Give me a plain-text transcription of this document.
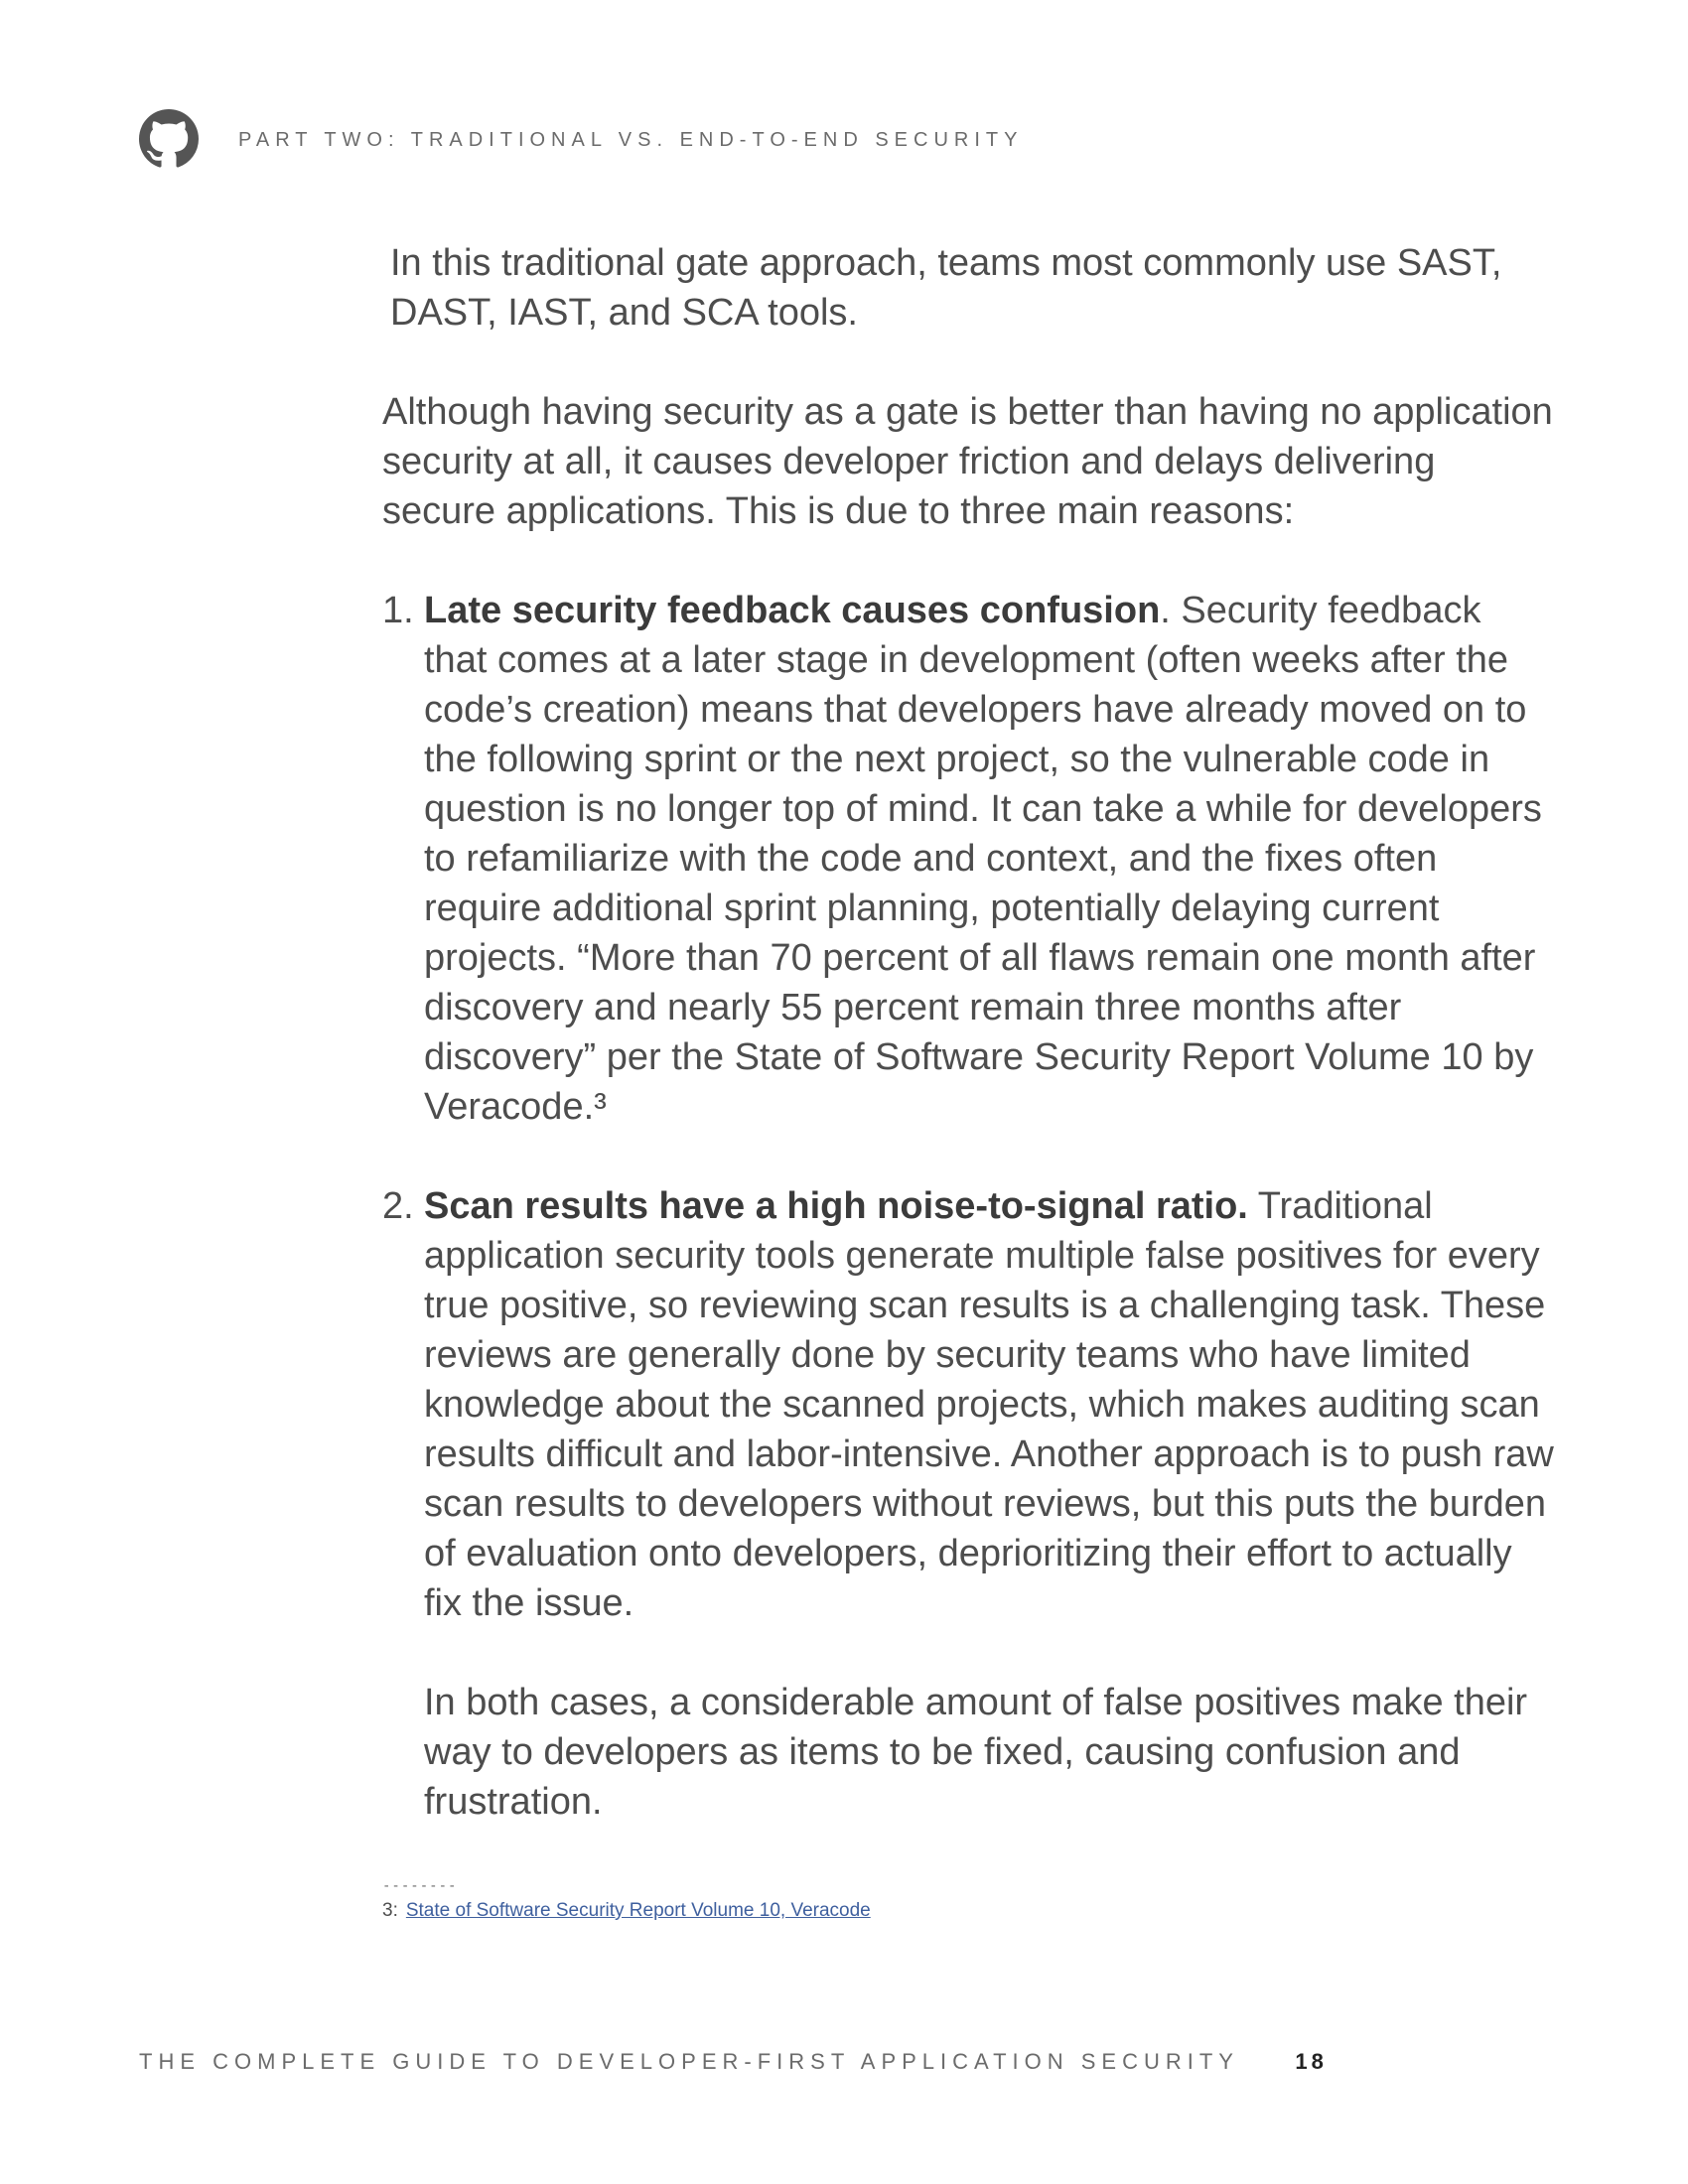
PART TWO: TRADITIONAL VS. END-TO-END SECURITY

In this traditional gate approach, teams most commonly use SAST, DAST, IAST, and SCA tools.

Although having security as a gate is better than having no application security at all, it causes developer friction and delays delivering secure applications. This is due to three main reasons:

1. Late security feedback causes confusion. Security feedback that comes at a later stage in development (often weeks after the code’s creation) means that developers have already moved on to the following sprint or the next project, so the vulnerable code in question is no longer top of mind. It can take a while for developers to refamiliarize with the code and context, and the fixes often require additional sprint planning, potentially delaying current projects. “More than 70 percent of all flaws remain one month after discovery and nearly 55 percent remain three months after discovery” per the State of Software Security Report Volume 10 by Veracode.³
2. Scan results have a high noise-to-signal ratio. Traditional application security tools generate multiple false positives for every true positive, so reviewing scan results is a challenging task. These reviews are generally done by security teams who have limited knowledge about the scanned projects, which makes auditing scan results difficult and labor-intensive. Another approach is to push raw scan results to developers without reviews, but this puts the burden of evaluation onto developers, deprioritizing their effort to actually fix the issue.
In both cases, a considerable amount of false positives make their way to developers as items to be fixed, causing confusion and frustration.
--------
3: State of Software Security Report Volume 10, Veracode
THE COMPLETE GUIDE TO DEVELOPER-FIRST APPLICATION SECURITY	18
